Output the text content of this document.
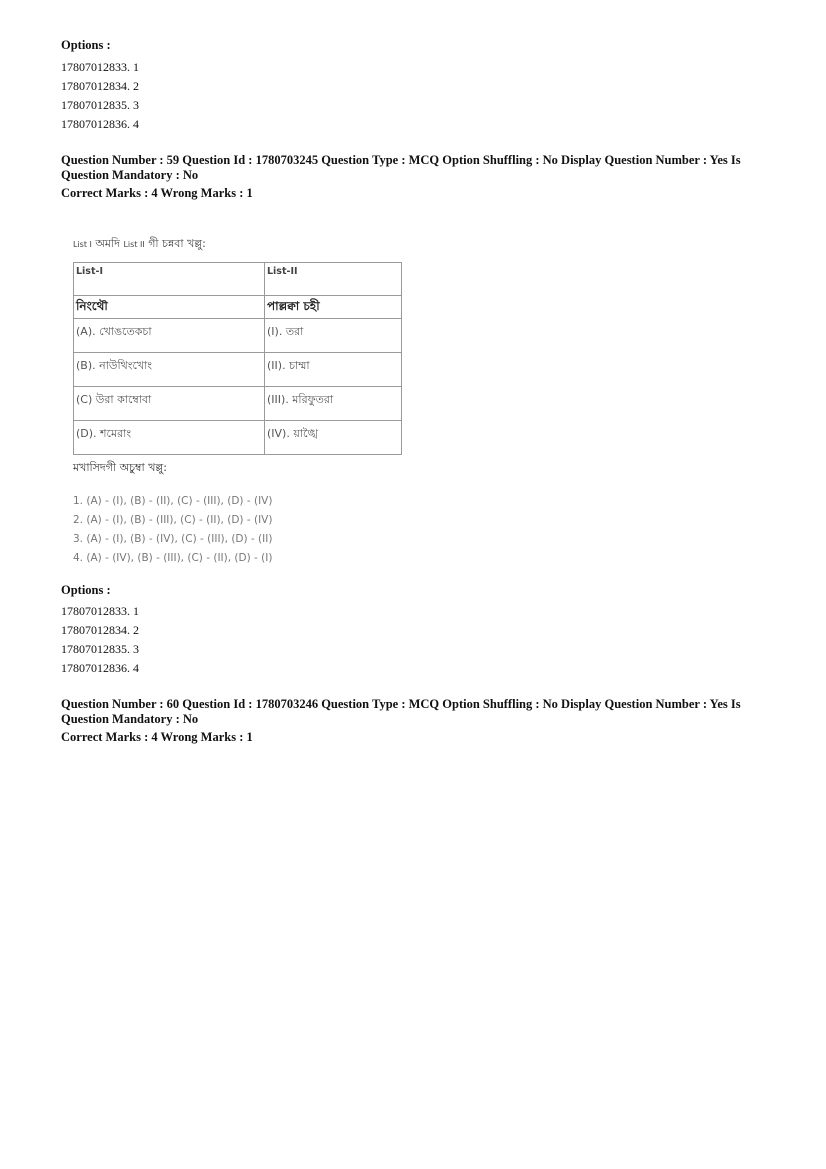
Options :
17807012833. 1
17807012834. 2
17807012835. 3
17807012836. 4
Question Number : 59 Question Id : 1780703245 Question Type : MCQ Option Shuffling : No Display Question Number : Yes Is
Question Mandatory : No
Correct Marks : 4 Wrong Marks : 1
List I অমদি List II গী চন্নবা খল্লু:
List-I	List-II
নিংথৌ	পাল্লক্বা চহী
(A). খোঙতেকচা	(I). তরা
(B). নাউথিংখোং	(II). চাম্মা
(C) উরা কাম্বোবা	(III). মরিফুতরা
(D). শমেরাং	(IV). য়াঙ্খৈ
মখাসিদগী অচুম্বা খল্লু:
1. (A) - (I), (B) - (II), (C) - (III), (D) - (IV)
2. (A) - (I), (B) - (III), (C) - (II), (D) - (IV)
3. (A) - (I), (B) - (IV), (C) - (III), (D) - (II)
4. (A) - (IV), (B) - (III), (C) - (II), (D) - (I)
Options :
17807012833. 1
17807012834. 2
17807012835. 3
17807012836. 4
Question Number : 60 Question Id : 1780703246 Question Type : MCQ Option Shuffling : No Display Question Number : Yes Is
Question Mandatory : No
Correct Marks : 4 Wrong Marks : 1
